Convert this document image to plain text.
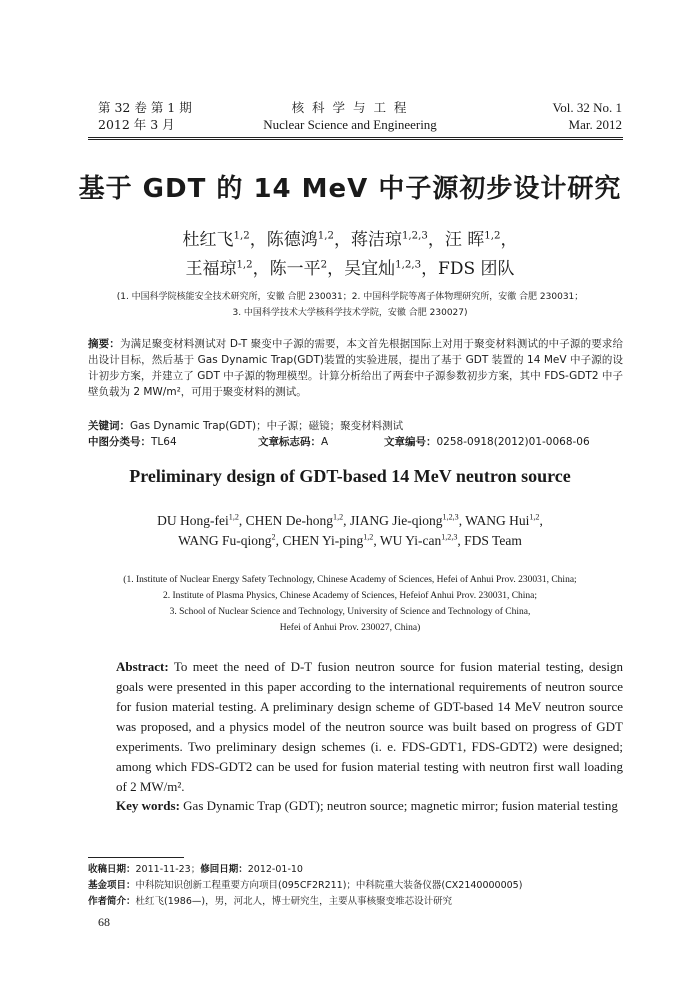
第 32 卷 第 1 期
2012 年 3 月
核 科 学 与 工 程
Nuclear Science and Engineering
Vol. 32 No. 1
Mar. 2012
基于 GDT 的 14 MeV 中子源初步设计研究
杜红飞$^{1,2}$，陈德鸿$^{1,2}$，蒋洁琼$^{1,2,3}$，汪 晖$^{1,2}$，
王福琼$^{1,2}$，陈一平$^2$，吴宜灿$^{1,2,3}$，FDS 团队
(1. 中国科学院核能安全技术研究所，安徽 合肥 230031；2. 中国科学院等离子体物理研究所，安徽 合肥 230031；
3. 中国科学技术大学核科学技术学院，安徽 合肥 230027)
摘要：为满足聚变材料测试对 D-T 聚变中子源的需要，本文首先根据国际上对用于聚变材料测试的中子源的要求给出设计目标，然后基于 Gas Dynamic Trap(GDT)装置的实验进展，提出了基于 GDT 装置的 14 MeV 中子源的设计初步方案，并建立了 GDT 中子源的物理模型。计算分析给出了两套中子源参数初步方案，其中 FDS-GDT2 中子壁负载为 2 MW/m²，可用于聚变材料的测试。
关键词：Gas Dynamic Trap(GDT)；中子源；磁镜；聚变材料测试
中图分类号：TL64	文章标志码：A	文章编号：0258-0918(2012)01-0068-06
Preliminary design of GDT-based 14 MeV neutron source
DU Hong-fei$^{1,2}$, CHEN De-hong$^{1,2}$, JIANG Jie-qiong$^{1,2,3}$, WANG Hui$^{1,2}$,
WANG Fu-qiong$^2$, CHEN Yi-ping$^{1,2}$, WU Yi-can$^{1,2,3}$, FDS Team
(1. Institute of Nuclear Energy Safety Technology, Chinese Academy of Sciences, Hefei of Anhui Prov. 230031, China;
2. Institute of Plasma Physics, Chinese Academy of Sciences, Hefeiof Anhui Prov. 230031, China;
3. School of Nuclear Science and Technology, University of Science and Technology of China,
Hefei of Anhui Prov. 230027, China)
Abstract: To meet the need of D-T fusion neutron source for fusion material testing, design goals were presented in this paper according to the international requirements of neutron source for fusion material testing. A preliminary design scheme of GDT-based 14 MeV neutron source was proposed, and a physics model of the neutron source was built based on progress of GDT experiments. Two preliminary design schemes (i. e. FDS-GDT1, FDS-GDT2) were designed; among which FDS-GDT2 can be used for fusion material testing with neutron first wall loading of 2 MW/m².
Key words: Gas Dynamic Trap (GDT); neutron source; magnetic mirror; fusion material testing
收稿日期：2011-11-23；修回日期：2012-01-10
基金项目：中科院知识创新工程重要方向项目(095CF2R211)；中科院重大装备仪器(CX2140000005)
作者简介：杜红飞(1986—)，男，河北人，博士研究生，主要从事核聚变堆芯设计研究
68
